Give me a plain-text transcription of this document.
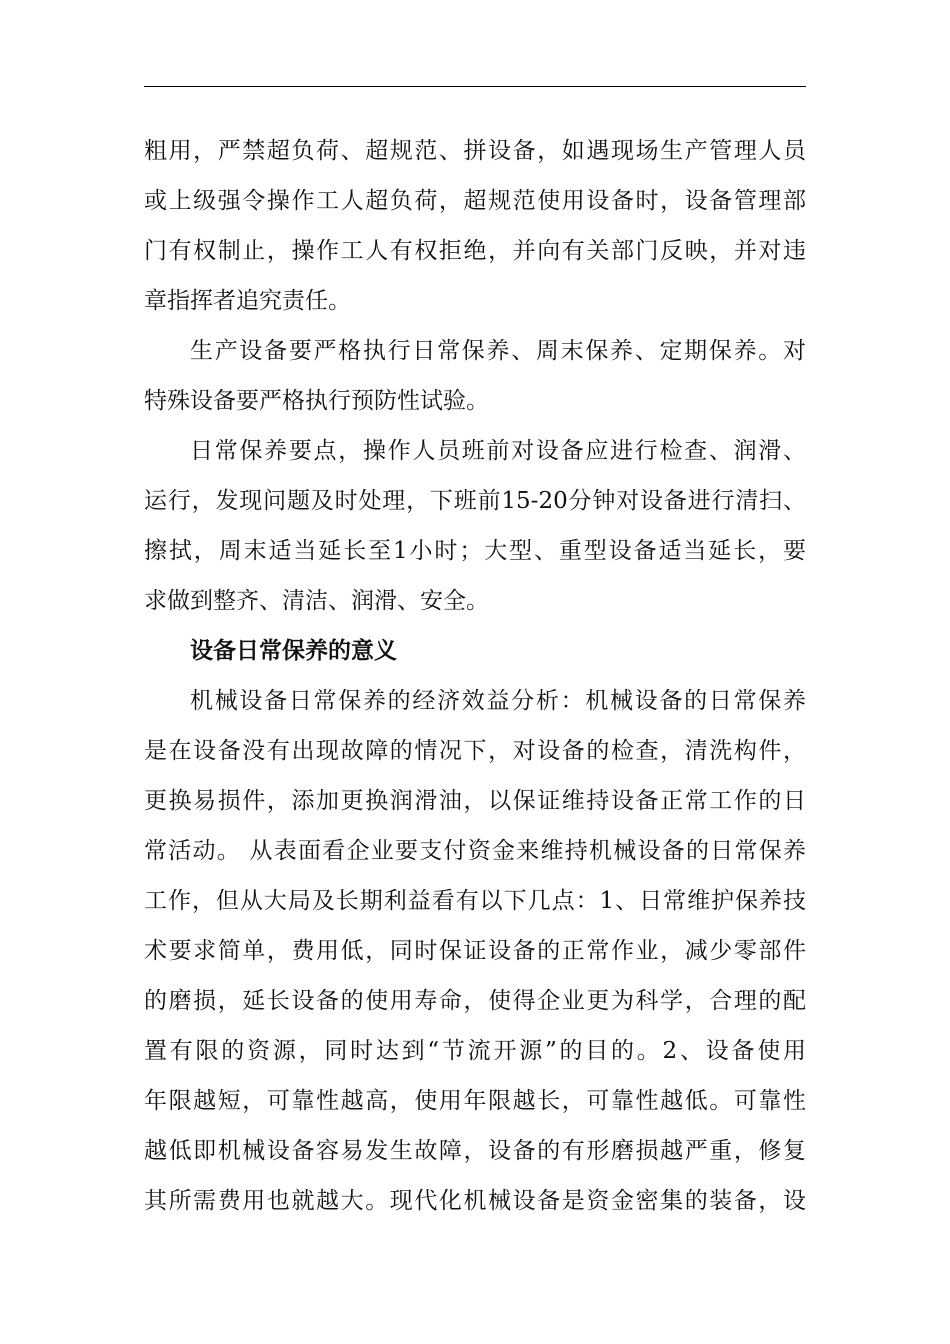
粗用，严禁超负荷、超规范、拼设备，如遇现场生产管理人员
或上级强令操作工人超负荷，超规范使用设备时，设备管理部
门有权制止，操作工人有权拒绝，并向有关部门反映，并对违
章指挥者追究责任。
生产设备要严格执行日常保养、周末保养、定期保养。对
特殊设备要严格执行预防性试验。
日常保养要点，操作人员班前对设备应进行检查、润滑、
运行，发现问题及时处理，下班前15-20分钟对设备进行清扫、
擦拭，周末适当延长至1小时；大型、重型设备适当延长，要
求做到整齐、清洁、润滑、安全。
设备日常保养的意义
机械设备日常保养的经济效益分析：机械设备的日常保养
是在设备没有出现故障的情况下，对设备的检查，清洗构件，
更换易损件，添加更换润滑油，以保证维持设备正常工作的日
常活动。 从表面看企业要支付资金来维持机械设备的日常保养
工作，但从大局及长期利益看有以下几点：1、日常维护保养技
术要求简单，费用低，同时保证设备的正常作业，减少零部件
的磨损，延长设备的使用寿命，使得企业更为科学，合理的配
置有限的资源，同时达到“节流开源”的目的。2、设备使用
年限越短，可靠性越高，使用年限越长，可靠性越低。可靠性
越低即机械设备容易发生故障，设备的有形磨损越严重，修复
其所需费用也就越大。现代化机械设备是资金密集的装备，设
